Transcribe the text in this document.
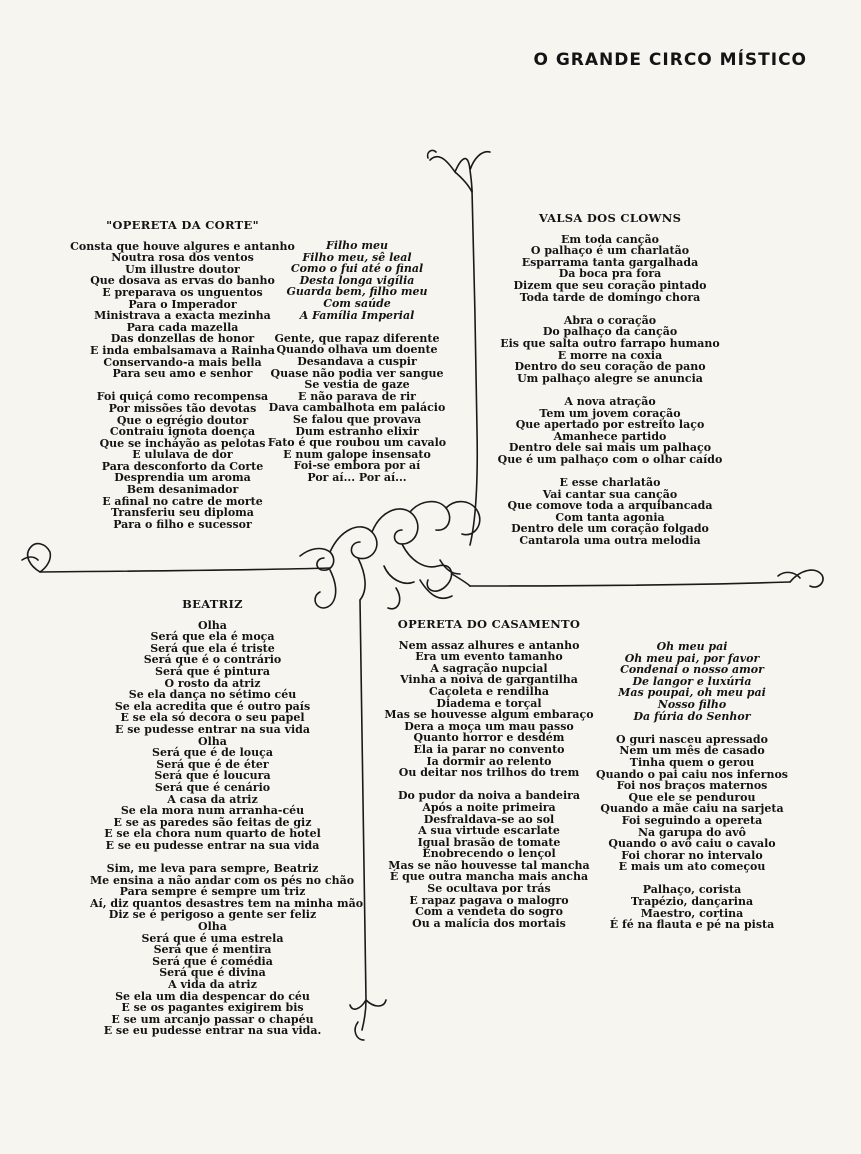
O GRANDE CIRCO MÍSTICO
"OPERETA DA CORTE"
Consta que houve algures e antanho
Noutra rosa dos ventos
Um illustre doutor
Que dosava as ervas do banho
E preparava os unguentos
Para o Imperador
Ministrava a exacta mezinha
Para cada mazella
Das donzellas de honor
E inda embalsamava a Rainha
Conservando-a mais bella
Para seu amo e senhor
Foi quiçá como recompensa
Por missões tão devotas
Que o egrégio doutor
Contraiu ignota doença
Que se incháyão as pelotas
E ululava de dor
Para desconforto da Corte
Desprendia um aroma
Bem desanimador
E afinal no catre de morte
Transferiu seu diploma
Para o filho e sucessor
Filho meu
Filho meu, sê leal
Como o fui até o final
Desta longa vigília
Guarda bem, filho meu
Com saúde
A Família Imperial
Gente, que rapaz diferente
Quando olhava um doente
Desandava a cuspir
Quase não podia ver sangue
Se vestia de gaze
E não parava de rir
Dava cambalhota em palácio
Se falou que provava
Dum estranho elixir
Fato é que roubou um cavalo
E num galope insensato
Foi-se embora por aí
Por aí... Por aí...
VALSA DOS CLOWNS
Em toda canção
O palhaço é um charlatão
Esparrama tanta gargalhada
Da boca pra fora
Dizem que seu coração pintado
Toda tarde de domingo chora
Abra o coração
Do palhaço da canção
Eis que salta outro farrapo humano
E morre na coxia
Dentro do seu coração de pano
Um palhaço alegre se anuncia
A nova atração
Tem um jovem coração
Que apertado por estreito laço
Amanhece partido
Dentro dele sai mais um palhaço
Que é um palhaço com o olhar caído
E esse charlatão
Vai cantar sua canção
Que comove toda a arquibancada
Com tanta agonia
Dentro dele um coração folgado
Cantarola uma outra melodia
BEATRIZ
Olha
Será que ela é moça
Será que ela é triste
Será que é o contrário
Será que é pintura
O rosto da atriz
Se ela dança no sétimo céu
Se ela acredita que é outro país
E se ela só decora o seu papel
E se pudesse entrar na sua vida
Olha
Será que é de louça
Será que é de éter
Será que é loucura
Será que é cenário
A casa da atriz
Se ela mora num arranha-céu
E se as paredes são feitas de giz
E se ela chora num quarto de hotel
E se eu pudesse entrar na sua vida
Sim, me leva para sempre, Beatriz
Me ensina a não andar com os pés no chão
Para sempre é sempre um triz
Aí, diz quantos desastres tem na minha mão
Diz se é perigoso a gente ser feliz
Olha
Será que é uma estrela
Será que é mentira
Será que é comédia
Será que é divina
A vida da atriz
Se ela um dia despencar do céu
E se os pagantes exigirem bis
E se um arcanjo passar o chapéu
E se eu pudesse entrar na sua vida.
OPERETA DO CASAMENTO
Nem assaz alhures e antanho
Era um evento tamanho
A sagração nupcial
Vinha a noiva de gargantilha
Caçoleta e rendilha
Diadema e torçal
Mas se houvesse algum embaraço
Dera a moça um mau passo
Quanto horror e desdém
Ela ia parar no convento
Ia dormir ao relento
Ou deitar nos trilhos do trem
Do pudor da noiva a bandeira
Após a noite primeira
Desfraldava-se ao sol
A sua virtude escarlate
Igual brasão de tomate
Enobrecendo o lençol
Mas se não houvesse tal mancha
É que outra mancha mais ancha
Se ocultava por trás
E rapaz pagava o malogro
Com a vendeta do sogro
Ou a malícia dos mortais
Oh meu pai
Oh meu pai, por favor
Condenai o nosso amor
De langor e luxúria
Mas poupai, oh meu pai
Nosso filho
Da fúria do Senhor
O guri nasceu apressado
Nem um mês de casado
Tinha quem o gerou
Quando o pai caiu nos infernos
Foi nos braços maternos
Que ele se pendurou
Quando a mãe caiu na sarjeta
Foi seguindo a opereta
Na garupa do avô
Quando o avô caiu o cavalo
Foi chorar no intervalo
E mais um ato começou
Palhaço, corista
Trapézio, dançarina
Maestro, cortina
É fé na flauta e pé na pista
